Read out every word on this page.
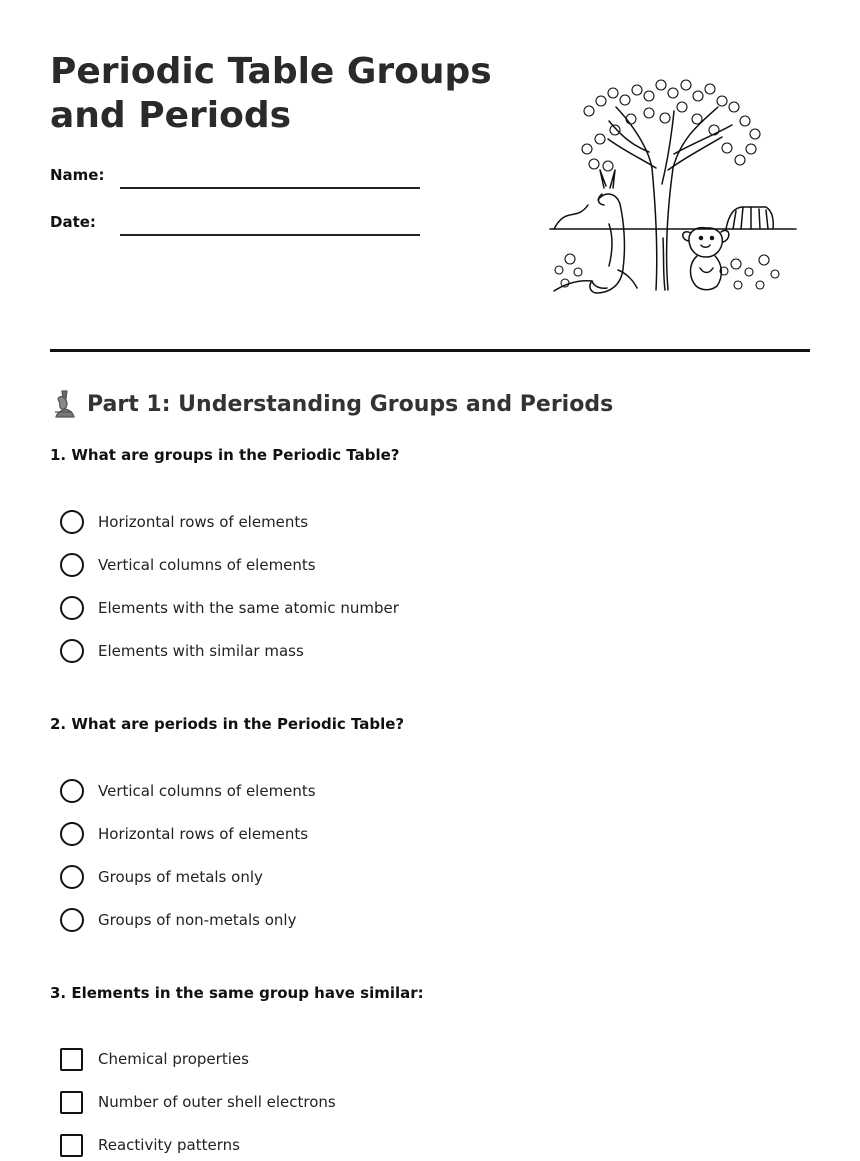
Periodic Table Groups
and Periods
Name:
Date:
Part 1: Understanding Groups and Periods
1. What are groups in the Periodic Table?
Horizontal rows of elements
Vertical columns of elements
Elements with the same atomic number
Elements with similar mass
2. What are periods in the Periodic Table?
Vertical columns of elements
Horizontal rows of elements
Groups of metals only
Groups of non-metals only
3. Elements in the same group have similar:
Chemical properties
Number of outer shell electrons
Reactivity patterns
